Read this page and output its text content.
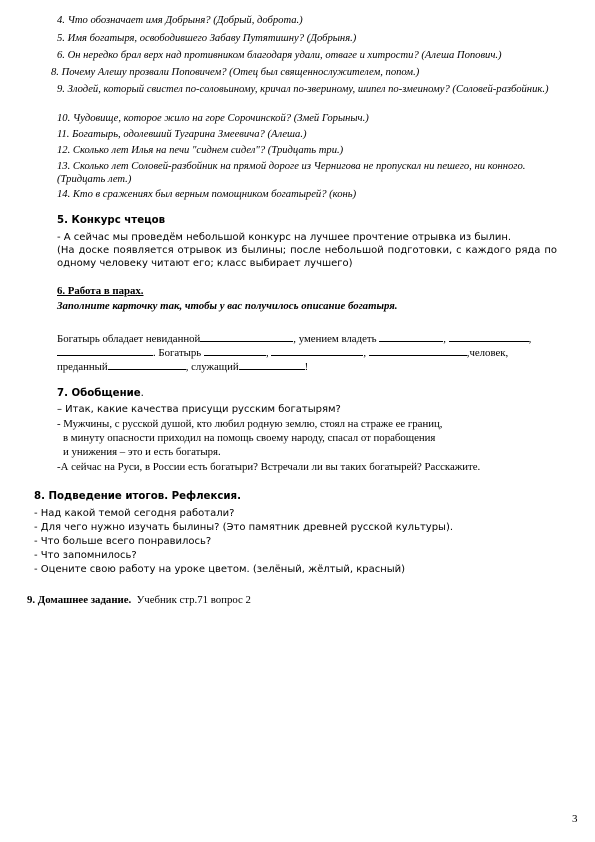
4. Что обозначает имя Добрыня? (Добрый, доброта.)
5. Имя богатыря, освободившего Забаву Путятишну? (Добрыня.)
6. Он нередко брал верх над противником благодаря удали, отваге и хитрости? (Алеша Попович.)
8. Почему Алешу прозвали Поповичем? (Отец был священнослужителем, попом.)
9. Злодей, который свистел по-соловьиному, кричал по-звериному, шипел по-змеиному? (Соловей-разбойник.)
10. Чудовище, которое жило на горе Сорочинской? (Змей Горыныч.)
11. Богатырь, одолевший Тугарина Змеевича? (Алеша.)
12. Сколько лет Илья на печи "сиднем сидел"? (Тридцать три.)
13. Сколько лет Соловей-разбойник на прямой дороге из Чернигова не пропускал ни пешего, ни конного. (Тридцать лет.)
14. Кто в сражениях был верным помощником богатырей? (конь)
5. Конкурс чтецов
- А сейчас мы проведём небольшой конкурс на лучшее прочтение отрывка из былин.
(На доске появляется отрывок из былины; после небольшой подготовки, с каждого ряда по одному человеку читают его; класс выбирает лучшего)
6. Работа в парах.
Заполните карточку так, чтобы у вас получилось описание богатыря.
Богатырь обладает невиданной	, умением владеть	,	,
. Богатырь	,	,	,человек,
преданный	, служащий	!
7. Обобщение.
– Итак, какие качества присущи русским богатырям?
- Мужчины, с русской душой, кто любил родную землю, стоял на страже ее границ,
в минуту опасности приходил на помощь своему народу, спасал от порабощения
и унижения – это и есть богатыря.
-А сейчас на Руси, в России есть богатыри? Встречали ли вы таких богатырей? Расскажите.
8. Подведение итогов. Рефлексия.
- Над какой темой сегодня работали?
- Для чего нужно изучать былины? (Это памятник древней русской культуры).
- Что больше всего понравилось?
- Что запомнилось?
- Оцените свою работу на уроке цветом. (зелёный, жёлтый, красный)
9. Домашнее задание. Учебник стр.71 вопрос 2
3
